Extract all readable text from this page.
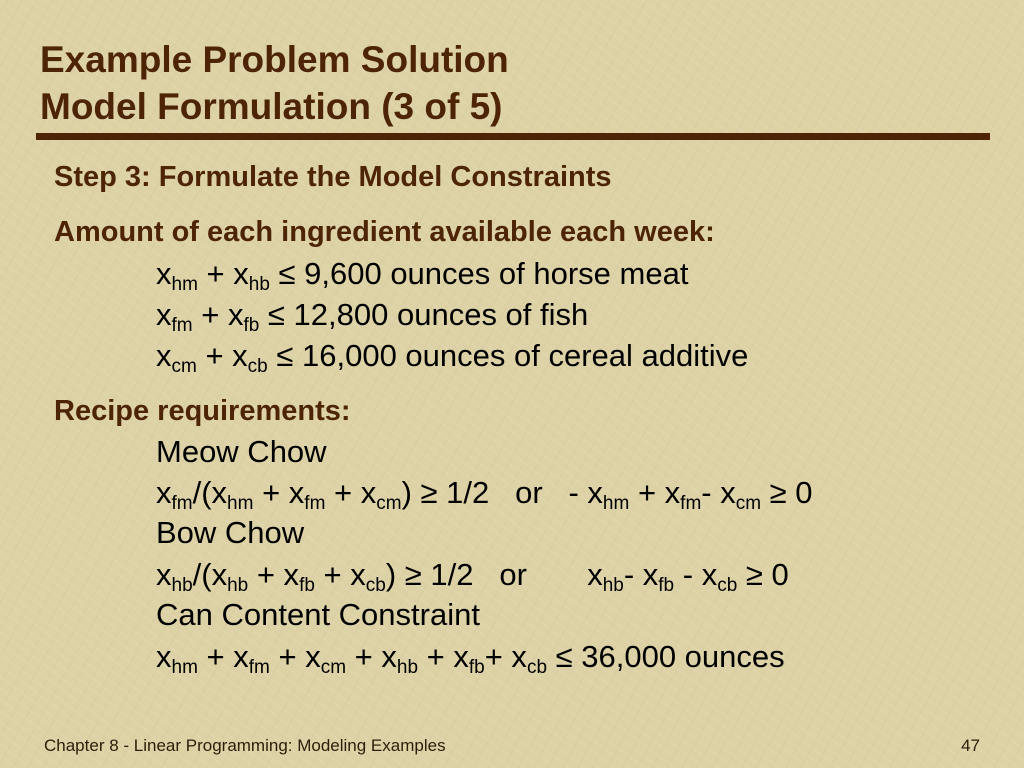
Example Problem Solution
Model Formulation (3 of 5)

Step 3: Formulate the Model Constraints

Amount of each ingredient available each week:

$x_{hm} + x_{hb} \le 9,600$ ounces of horse meat

$x_{fm} + x_{fb} \le 12,800$ ounces of fish

$x_{cm} + x_{cb} \le 16,000$ ounces of cereal additive

Recipe requirements:

Meow Chow

$x_{fm}/(x_{hm} + x_{fm} + x_{cm}) \ge 1/2$   or   - $x_{hm} + x_{fm}-$ $x_{cm} \ge 0$

Bow Chow

$x_{hb}/(x_{hb} + x_{fb} + x_{cb}) \ge 1/2$   or       $x_{hb}-$ $x_{fb} - x_{cb} \ge 0$

Can Content Constraint

$x_{hm} + x_{fm} + x_{cm} + x_{hb} + x_{fb}+ x_{cb} \le 36,000$ ounces

Chapter 8 - Linear Programming: Modeling Examples	47
